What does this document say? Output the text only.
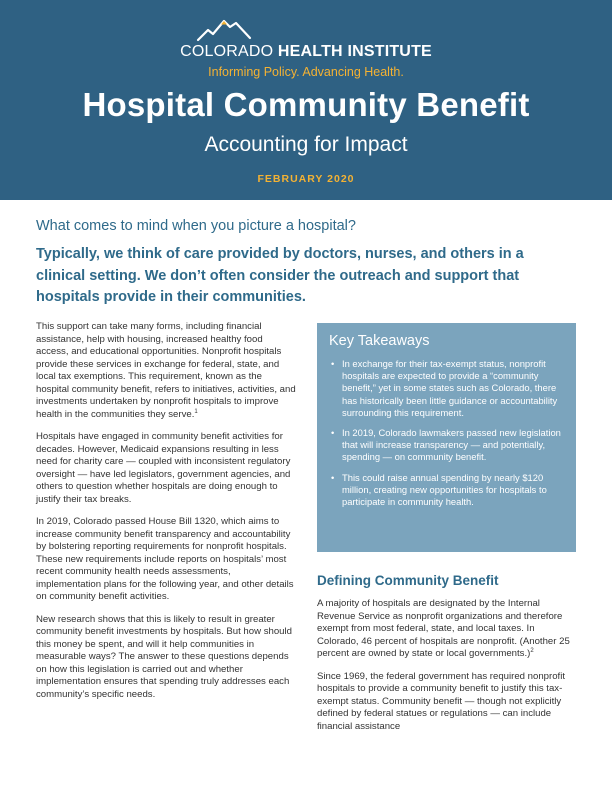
COLORADO HEALTH INSTITUTE
Informing Policy. Advancing Health.
Hospital Community Benefit
Accounting for Impact
FEBRUARY 2020
What comes to mind when you picture a hospital?
Typically, we think of care provided by doctors, nurses, and others in a clinical setting. We don’t often consider the outreach and support that hospitals provide in their communities.

This support can take many forms, including financial assistance, help with housing, increased healthy food access, and educational opportunities. Nonprofit hospitals provide these services in exchange for federal, state, and local tax exemptions. This requirement, known as the hospital community benefit, refers to initiatives, activities, and investments undertaken by nonprofit hospitals to improve health in the communities they serve.$^1$

Hospitals have engaged in community benefit activities for decades. However, Medicaid expansions resulting in less need for charity care — coupled with inconsistent regulatory oversight — have led legislators, government agencies, and others to question whether hospitals are doing enough to justify their tax breaks.

In 2019, Colorado passed House Bill 1320, which aims to increase community benefit transparency and accountability by bolstering reporting requirements for nonprofit hospitals. These new requirements include reports on hospitals’ most recent community health needs assessments, implementation plans for the following year, and other details on community benefit activities.

New research shows that this is likely to result in greater community benefit investments by hospitals. But how should this money be spent, and will it help communities in measurable ways? The answer to these questions depends on how this legislation is carried out and whether implementation ensures that spending truly addresses each community’s specific needs.

Key Takeaways
• In exchange for their tax-exempt status, nonprofit hospitals are expected to provide a “community benefit,” yet in some states such as Colorado, there has historically been little guidance or accountability surrounding this requirement.
• In 2019, Colorado lawmakers passed new legislation that will increase transparency — and potentially, spending — on community benefit.
• This could raise annual spending by nearly $120 million, creating new opportunities for hospitals to participate in community health.
Defining Community Benefit

A majority of hospitals are designated by the Internal Revenue Service as nonprofit organizations and therefore exempt from most federal, state, and local taxes. In Colorado, 46 percent of hospitals are nonprofit. (Another 25 percent are owned by state or local governments.)$^2$

Since 1969, the federal government has required nonprofit hospitals to provide a community benefit to justify this tax-exempt status. Community benefit — though not explicitly defined by federal statues or regulations — can include financial assistance
